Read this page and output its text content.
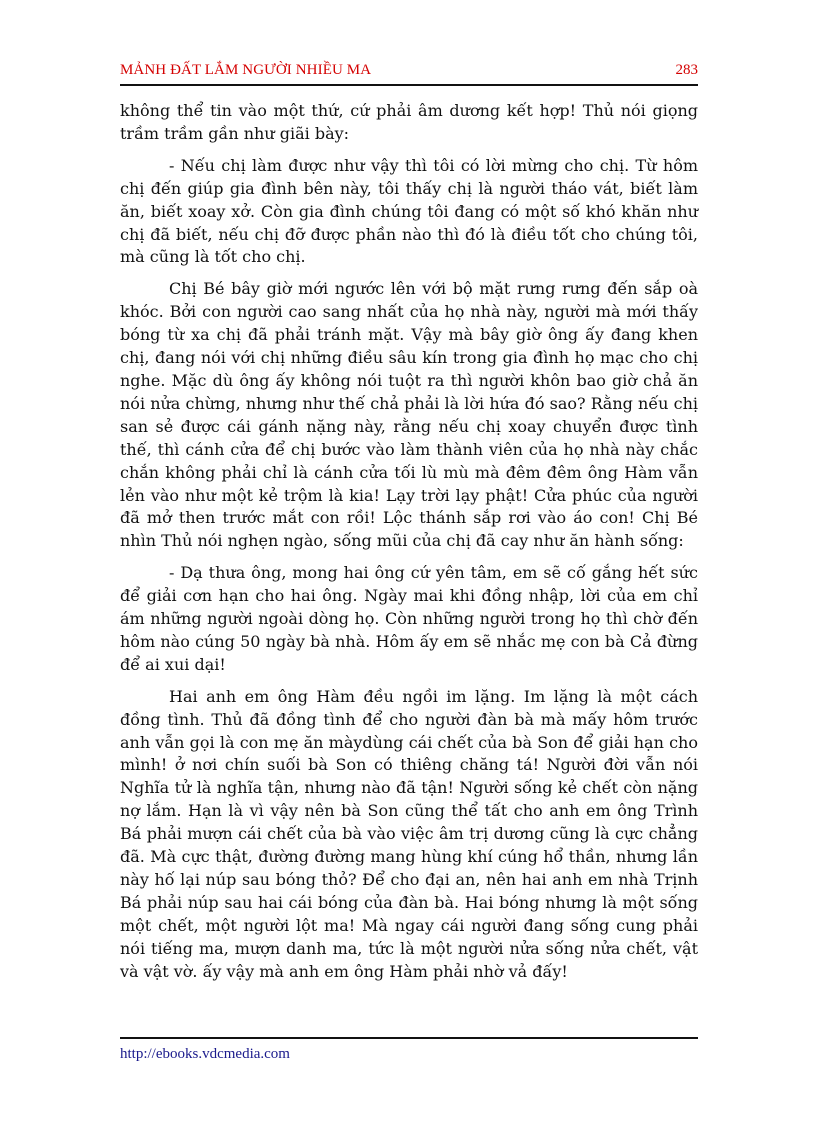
MẢNH ĐẤT LẮM NGƯỜI NHIỀU MA	283

không thể tin vào một thứ, cứ phải âm dương kết hợp! Thủ nói giọng trầm trầm gần như giãi bày:

- Nếu chị làm được như vậy thì tôi có lời mừng cho chị. Từ hôm chị đến giúp gia đình bên này, tôi thấy chị là người tháo vát, biết làm ăn, biết xoay xở. Còn gia đình chúng tôi đang có một số khó khăn như chị đã biết, nếu chị đỡ được phần nào thì đó là điều tốt cho chúng tôi, mà cũng là tốt cho chị.

Chị Bé bây giờ mới ngước lên với bộ mặt rưng rưng đến sắp oà khóc. Bởi con người cao sang nhất của họ nhà này, người mà mới thấy bóng từ xa chị đã phải tránh mặt. Vậy mà bây giờ ông ấy đang khen chị, đang nói với chị những điều sâu kín trong gia đình họ mạc cho chị nghe. Mặc dù ông ấy không nói tuột ra thì người khôn bao giờ chả ăn nói nửa chừng, nhưng như thế chả phải là lời hứa đó sao? Rằng nếu chị san sẻ được cái gánh nặng này, rằng nếu chị xoay chuyển được tình thế, thì cánh cửa để chị bước vào làm thành viên của họ nhà này chắc chắn không phải chỉ là cánh cửa tối lù mù mà đêm đêm ông Hàm vẫn lẻn vào như một kẻ trộm là kia! Lạy trời lạy phật! Cửa phúc của người đã mở then trước mắt con rồi! Lộc thánh sắp rơi vào áo con! Chị Bé nhìn Thủ nói nghẹn ngào, sống mũi của chị đã cay như ăn hành sống:

- Dạ thưa ông, mong hai ông cứ yên tâm, em sẽ cố gắng hết sức để giải cơn hạn cho hai ông. Ngày mai khi đồng nhập, lời của em chỉ ám những người ngoài dòng họ. Còn những người trong họ thì chờ đến hôm nào cúng 50 ngày bà nhà. Hôm ấy em sẽ nhắc mẹ con bà Cả đừng để ai xui dại!

Hai anh em ông Hàm đều ngồi im lặng. Im lặng là một cách đồng tình. Thủ đã đồng tình để cho người đàn bà mà mấy hôm trước anh vẫn gọi là con mẹ ăn màydùng cái chết của bà Son để giải hạn cho mình! ở nơi chín suối bà Son có thiêng chăng tá! Người đời vẫn nói Nghĩa tử là nghĩa tận, nhưng nào đã tận! Người sống kẻ chết còn nặng nợ lắm. Hạn là vì vậy nên bà Son cũng thể tất cho anh em ông Trình Bá phải mượn cái chết của bà vào việc âm trị dương cũng là cực chẳng đã. Mà cực thật, đường đường mang hùng khí cúng hổ thần, nhưng lần này hố lại núp sau bóng thỏ? Để cho đại an, nên hai anh em nhà Trịnh Bá phải núp sau hai cái bóng của đàn bà. Hai bóng nhưng là một sống một chết, một người lột ma! Mà ngay cái người đang sống cung phải nói tiếng ma, mượn danh ma, tức là một người nửa sống nửa chết, vật và vật vờ. ấy vậy mà anh em ông Hàm phải nhờ vả đấy!

http://ebooks.vdcmedia.com
